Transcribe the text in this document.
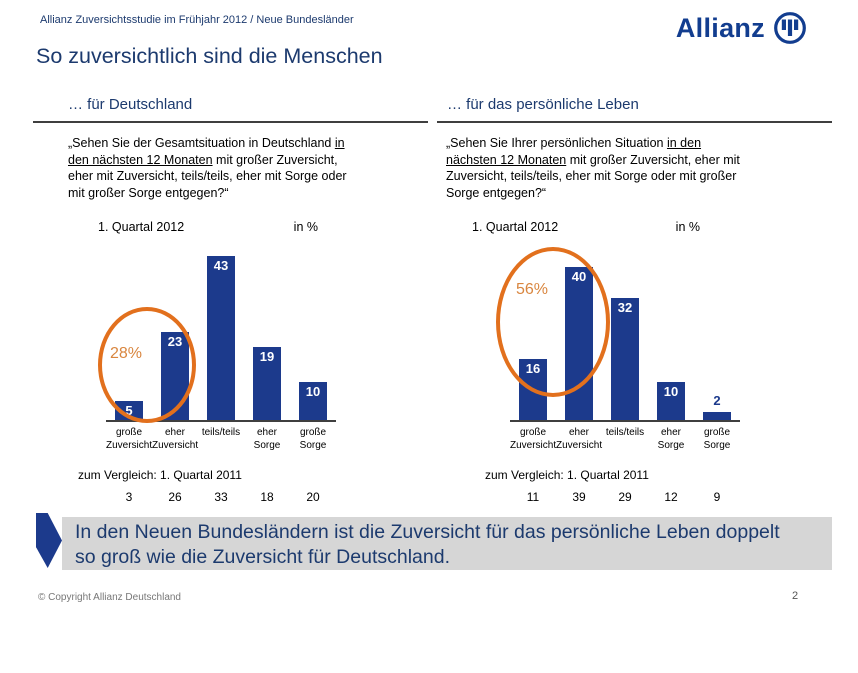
Allianz Zuversichtsstudie im Frühjahr 2012 / Neue Bundesländer	Allianz
So zuversichtlich sind die Menschen
… für Deutschland
„Sehen Sie der Gesamtsituation in Deutschland in den nächsten 12 Monaten mit großer Zuversicht, eher mit Zuversicht, teils/teils, eher mit Sorge oder mit großer Sorge entgegen?“
1. Quartal 2012	in %
5
23
43
19
10
28%
große
Zuversicht
eher
Zuversicht
teils/teils	eher Sorge
große
Sorge
zum Vergleich: 1. Quartal 2011
3	26	33	18	20
… für das persönliche Leben
„Sehen Sie Ihrer persönlichen Situation in den nächsten 12 Monaten mit großer Zuversicht, eher mit Zuversicht, teils/teils, eher mit Sorge oder mit großer Sorge entgegen?“
1. Quartal 2012	in %
16
40
32
10
2
56%
große
Zuversicht
eher
Zuversicht
teils/teils	eher Sorge
große
Sorge
zum Vergleich: 1. Quartal 2011
11	39	29	12	9
In den Neuen Bundesländern ist die Zuversicht für das persönliche Leben doppelt so groß wie die Zuversicht für Deutschland.
© Copyright Allianz Deutschland	2
